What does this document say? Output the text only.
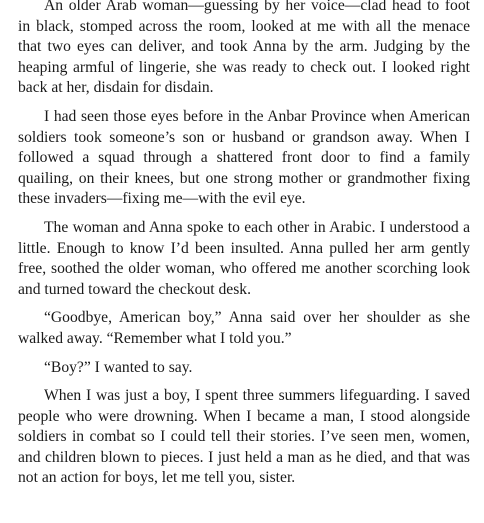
An older Arab woman—guessing by her voice—clad head to foot in black, stomped across the room, looked at me with all the menace that two eyes can deliver, and took Anna by the arm. Judging by the heaping armful of lingerie, she was ready to check out. I looked right back at her, disdain for disdain.

I had seen those eyes before in the Anbar Province when American soldiers took someone’s son or husband or grandson away. When I followed a squad through a shattered front door to find a family quailing, on their knees, but one strong mother or grandmother fixing these invaders—fixing me—with the evil eye.

The woman and Anna spoke to each other in Arabic. I understood a little. Enough to know I’d been insulted. Anna pulled her arm gently free, soothed the older woman, who offered me another scorching look and turned toward the checkout desk.

“Goodbye, American boy,” Anna said over her shoulder as she walked away. “Remember what I told you.”

“Boy?” I wanted to say.

When I was just a boy, I spent three summers lifeguarding. I saved people who were drowning. When I became a man, I stood alongside soldiers in combat so I could tell their stories. I’ve seen men, women, and children blown to pieces. I just held a man as he died, and that was not an action for boys, let me tell you, sister.
